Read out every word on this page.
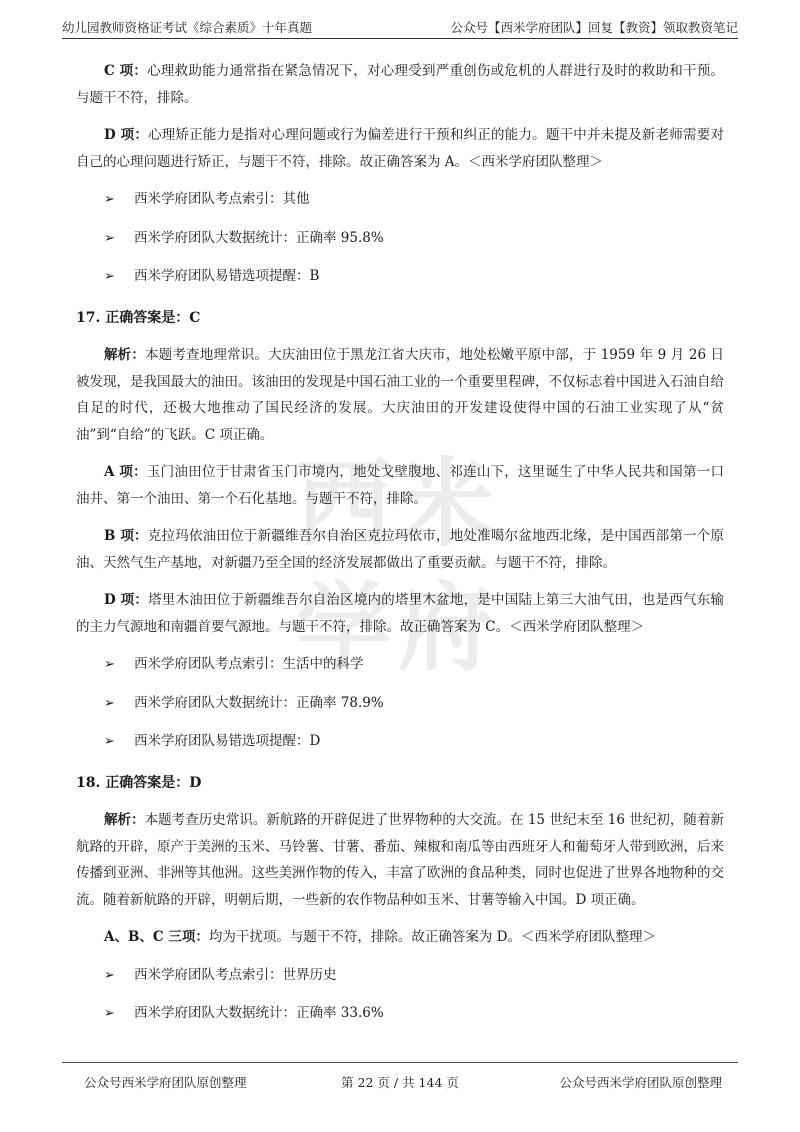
幼儿园教师资格证考试《综合素质》十年真题	公众号【西米学府团队】回复【教资】领取教资笔记
西 米
学 府

C 项：心理救助能力通常指在紧急情况下，对心理受到严重创伤或危机的人群进行及时的救助和干预。与题干不符，排除。

D 项：心理矫正能力是指对心理问题或行为偏差进行干预和纠正的能力。题干中并未提及新老师需要对自己的心理问题进行矫正，与题干不符，排除。故正确答案为 A。＜西米学府团队整理＞

➢ 西米学府团队考点索引：其他

➢ 西米学府团队大数据统计：正确率 95.8%

➢ 西米学府团队易错选项提醒：B

17. 正确答案是：C

解析：本题考查地理常识。大庆油田位于黑龙江省大庆市，地处松嫩平原中部，于 1959 年 9 月 26 日被发现，是我国最大的油田。该油田的发现是中国石油工业的一个重要里程碑，不仅标志着中国进入石油自给自足的时代，还极大地推动了国民经济的发展。大庆油田的开发建设使得中国的石油工业实现了从“贫油”到“自给”的飞跃。C 项正确。

A 项：玉门油田位于甘肃省玉门市境内，地处戈壁腹地、祁连山下，这里诞生了中华人民共和国第一口油井、第一个油田、第一个石化基地。与题干不符，排除。

B 项：克拉玛依油田位于新疆维吾尔自治区克拉玛依市，地处准噶尔盆地西北缘，是中国西部第一个原油、天然气生产基地，对新疆乃至全国的经济发展都做出了重要贡献。与题干不符，排除。

D 项：塔里木油田位于新疆维吾尔自治区境内的塔里木盆地，是中国陆上第三大油气田，也是西气东输的主力气源地和南疆首要气源地。与题干不符，排除。故正确答案为 C。＜西米学府团队整理＞

➢ 西米学府团队考点索引：生活中的科学

➢ 西米学府团队大数据统计：正确率 78.9%

➢ 西米学府团队易错选项提醒：D

18. 正确答案是：D

解析：本题考查历史常识。新航路的开辟促进了世界物种的大交流。在 15 世纪末至 16 世纪初，随着新航路的开辟，原产于美洲的玉米、马铃薯、甘薯、番茄、辣椒和南瓜等由西班牙人和葡萄牙人带到欧洲，后来传播到亚洲、非洲等其他洲。这些美洲作物的传入，丰富了欧洲的食品种类，同时也促进了世界各地物种的交流。随着新航路的开辟，明朝后期，一些新的农作物品种如玉米、甘薯等输入中国。D 项正确。

A、B、C 三项：均为干扰项。与题干不符，排除。故正确答案为 D。＜西米学府团队整理＞

➢ 西米学府团队考点索引：世界历史

➢ 西米学府团队大数据统计：正确率 33.6%

公众号西米学府团队原创整理	第 22 页 / 共 144 页	公众号西米学府团队原创整理
